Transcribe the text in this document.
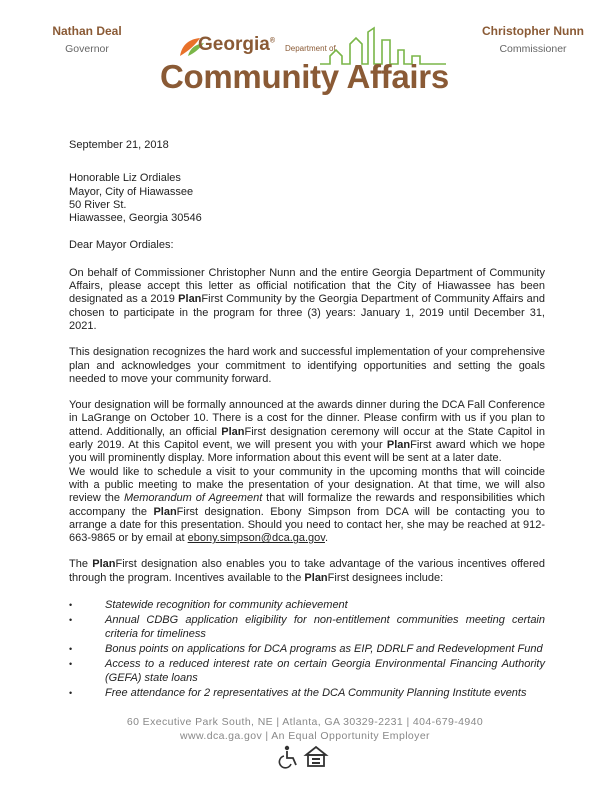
Nathan Deal
Governor	Georgia®
Department of
Community Affairs
Christopher Nunn
Commissioner

September 21, 2018

Honorable Liz Ordiales
Mayor, City of Hiawassee
50 River St.
Hiawassee, Georgia 30546

Dear Mayor Ordiales:

On behalf of Commissioner Christopher Nunn and the entire Georgia Department of Community Affairs, please accept this letter as official notification that the City of Hiawassee has been designated as a 2019 PlanFirst Community by the Georgia Department of Community Affairs and chosen to participate in the program for three (3) years: January 1, 2019 until December 31, 2021.

This designation recognizes the hard work and successful implementation of your comprehensive plan and acknowledges your commitment to identifying opportunities and setting the goals needed to move your community forward.

Your designation will be formally announced at the awards dinner during the DCA Fall Conference in LaGrange on October 10. There is a cost for the dinner. Please confirm with us if you plan to attend. Additionally, an official PlanFirst designation ceremony will occur at the State Capitol in early 2019. At this Capitol event, we will present you with your PlanFirst award which we hope you will prominently display. More information about this event will be sent at a later date.

We would like to schedule a visit to your community in the upcoming months that will coincide with a public meeting to make the presentation of your designation. At that time, we will also review the Memorandum of Agreement that will formalize the rewards and responsibilities which accompany the PlanFirst designation. Ebony Simpson from DCA will be contacting you to arrange a date for this presentation. Should you need to contact her, she may be reached at 912-663-9865 or by email at ebony.simpson@dca.ga.gov.

The PlanFirst designation also enables you to take advantage of the various incentives offered through the program. Incentives available to the PlanFirst designees include:

•	Statewide recognition for community achievement
•	Annual CDBG application eligibility for non-entitlement communities meeting certain criteria for timeliness
•	Bonus points on applications for DCA programs as EIP, DDRLF and Redevelopment Fund
•	Access to a reduced interest rate on certain Georgia Environmental Financing Authority (GEFA) state loans
•	Free attendance for 2 representatives at the DCA Community Planning Institute events
60 Executive Park South, NE | Atlanta, GA 30329-2231 | 404-679-4940
www.dca.ga.gov | An Equal Opportunity Employer
